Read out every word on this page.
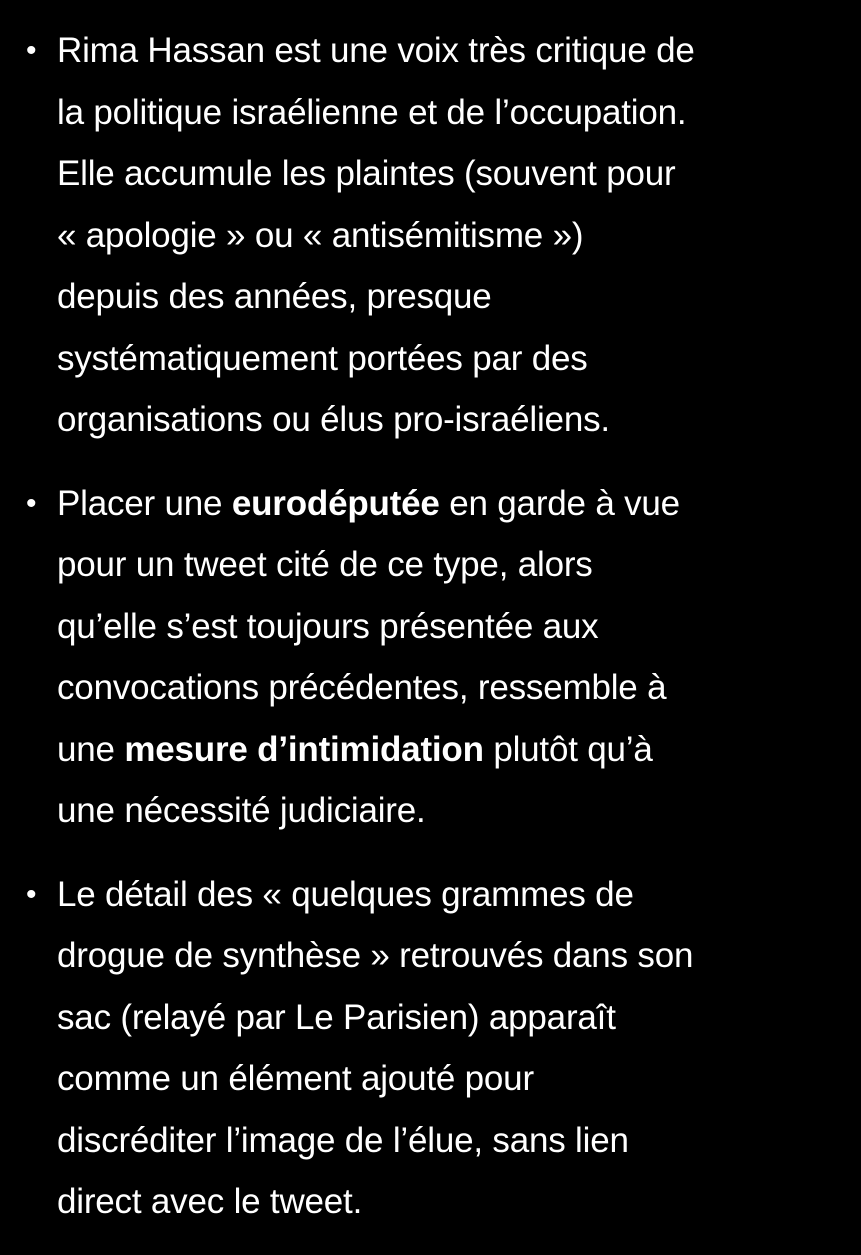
• Rima Hassan est une voix très critique de
la politique israélienne et de l’occupation.
Elle accumule les plaintes (souvent pour
« apologie » ou « antisémitisme »)
depuis des années, presque
systématiquement portées par des
organisations ou élus pro-israéliens.
• Placer une eurodéputée en garde à vue
pour un tweet cité de ce type, alors
qu’elle s’est toujours présentée aux
convocations précédentes, ressemble à
une mesure d’intimidation plutôt qu’à
une nécessité judiciaire.
• Le détail des « quelques grammes de
drogue de synthèse » retrouvés dans son
sac (relayé par Le Parisien) apparaît
comme un élément ajouté pour
discréditer l’image de l’élue, sans lien
direct avec le tweet.
